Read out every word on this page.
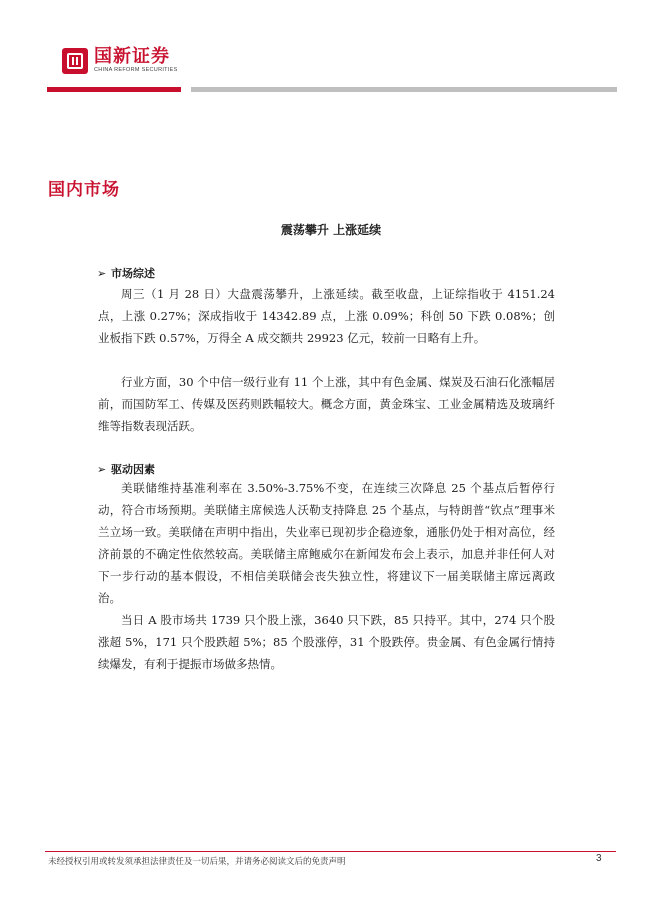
国新证券
CHINA REFORM SECURITIES
国内市场
震荡攀升 上涨延续
➢ 市场综述

周三（1 月 28 日）大盘震荡攀升，上涨延续。截至收盘，上证综指收于 4151.24 点，上涨 0.27%；深成指收于 14342.89 点，上涨 0.09%；科创 50 下跌 0.08%；创业板指下跌 0.57%，万得全 A 成交额共 29923 亿元，较前一日略有上升。

行业方面，30 个中信一级行业有 11 个上涨，其中有色金属、煤炭及石油石化涨幅居前，而国防军工、传媒及医药则跌幅较大。概念方面，黄金珠宝、工业金属精选及玻璃纤维等指数表现活跃。

➢ 驱动因素

美联储维持基准利率在 3.50%-3.75%不变，在连续三次降息 25 个基点后暂停行动，符合市场预期。美联储主席候选人沃勒支持降息 25 个基点，与特朗普“钦点”理事米兰立场一致。美联储在声明中指出，失业率已现初步企稳迹象，通胀仍处于相对高位，经济前景的不确定性依然较高。美联储主席鲍威尔在新闻发布会上表示，加息并非任何人对下一步行动的基本假设，不相信美联储会丧失独立性，将建议下一届美联储主席远离政治。

当日 A 股市场共 1739 只个股上涨，3640 只下跌，85 只持平。其中，274 只个股涨超 5%，171 只个股跌超 5%；85 个股涨停，31 个股跌停。贵金属、有色金属行情持续爆发，有利于提振市场做多热情。

未经授权引用或转发须承担法律责任及一切后果，并请务必阅读文后的免责声明	3
